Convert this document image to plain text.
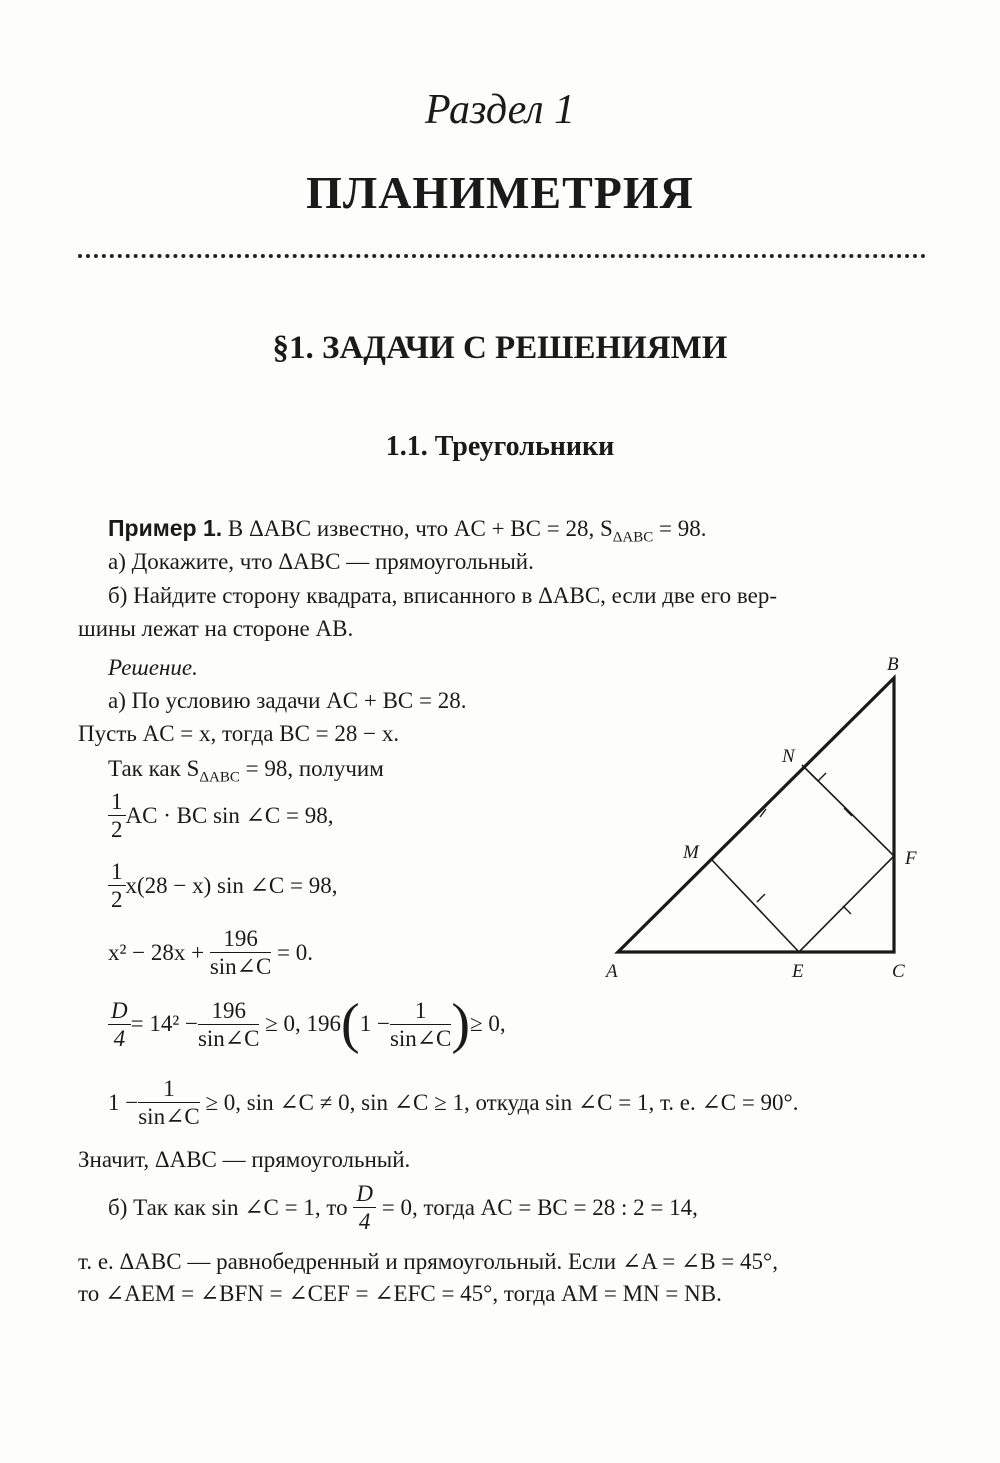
Раздел 1
ПЛАНИМЕТРИЯ
§1. ЗАДАЧИ С РЕШЕНИЯМИ
1.1. Треугольники
Пример 1. В ΔABC известно, что AC + BC = 28, $S_{\Delta ABC} = 98$.
а) Докажите, что ΔABC — прямоугольный.
б) Найдите сторону квадрата, вписанного в ΔABC, если две его вер-
шины лежат на стороне AB.
Решение.
а) По условию задачи AC + BC = 28.
Пусть AC = x, тогда BC = 28 − x.
Так как $S_{\Delta ABC} = 98$, получим
$\frac{1}{2}$ AC · BC sin ∠C = 98,
$\frac{1}{2} x(28 - x)$ sin ∠C = 98,
x² − 28x +
$\frac{196}{\sin\angle C}$
= 0.
$\frac{D}{4} = 14^2 - \frac{196}{\sin\angle C}$
≥ 0, 196 ( $1 - \frac{1}{\sin\angle C}$ ) ≥ 0,
$1 - \frac{1}{\sin\angle C}$
≥ 0, sin ∠C ≠ 0, sin ∠C ≥ 1, откуда sin ∠C = 1, т. е. ∠C = 90°.
Значит, ΔABC — прямоугольный.
б) Так как sin ∠C = 1, то
$\frac{D}{4}$
= 0, тогда AC = BC = 28 : 2 = 14,
т. е. ΔABC — равнобедренный и прямоугольный. Если ∠A = ∠B = 45°,
то ∠AEM = ∠BFN = ∠CEF = ∠EFC = 45°, тогда AM = MN = NB.
A
B
C
E
F
M
N
